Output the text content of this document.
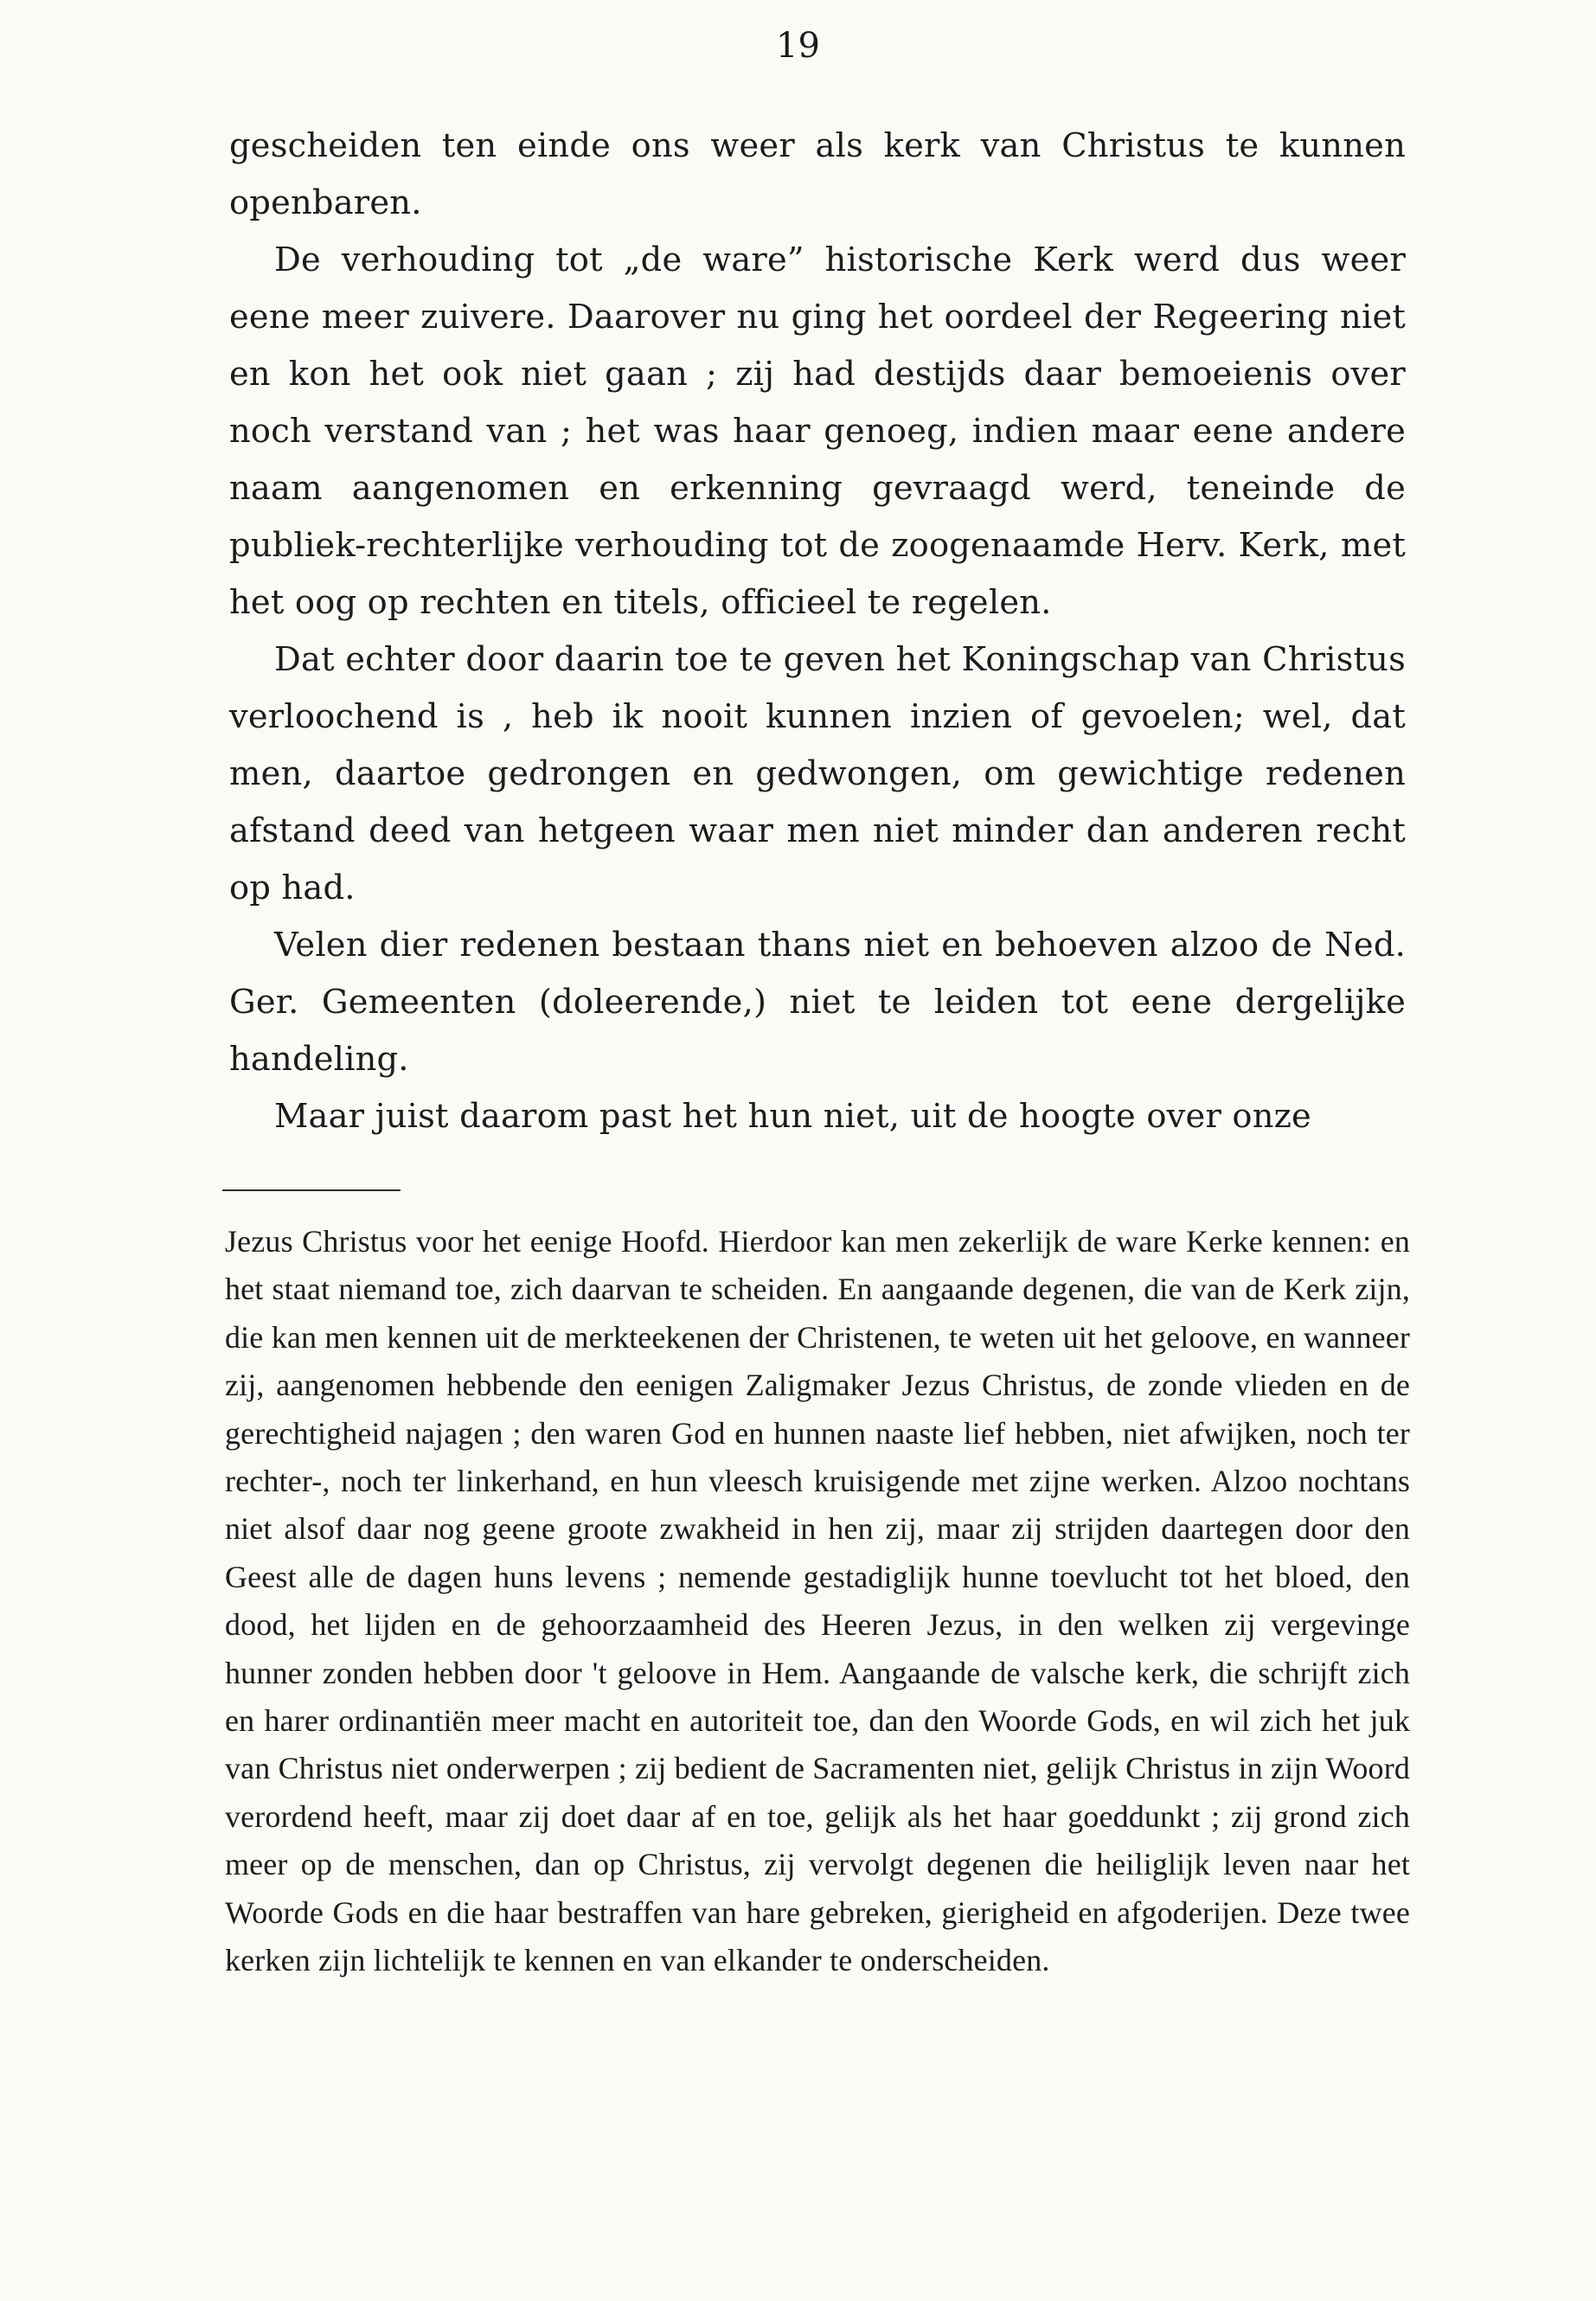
19

gescheiden ten einde ons weer als kerk van Christus te kunnen openbaren.

De verhouding tot „de ware” historische Kerk werd dus weer eene meer zuivere. Daarover nu ging het oordeel der Regeering niet en kon het ook niet gaan ; zij had destijds daar bemoeienis over noch verstand van ; het was haar genoeg, indien maar eene andere naam aangenomen en erkenning gevraagd werd, teneinde de publiek-rechterlijke verhouding tot de zoogenaamde Herv. Kerk, met het oog op rechten en titels, officieel te regelen.

Dat echter door daarin toe te geven het Koningschap van Christus verloochend is , heb ik nooit kunnen inzien of gevoelen; wel, dat men, daartoe gedrongen en gedwongen, om gewichtige redenen afstand deed van hetgeen waar men niet minder dan anderen recht op had.

Velen dier redenen bestaan thans niet en behoeven alzoo de Ned. Ger. Gemeenten (doleerende,) niet te leiden tot eene dergelijke handeling.

Maar juist daarom past het hun niet, uit de hoogte over onze

Jezus Christus voor het eenige Hoofd. Hierdoor kan men zekerlijk de ware Kerke kennen: en het staat niemand toe, zich daarvan te scheiden. En aangaande degenen, die van de Kerk zijn, die kan men kennen uit de merkteekenen der Christenen, te weten uit het geloove, en wanneer zij, aangenomen hebbende den eenigen Zaligmaker Jezus Christus, de zonde vlieden en de gerechtigheid najagen ; den waren God en hunnen naaste lief hebben, niet afwijken, noch ter rechter-, noch ter linkerhand, en hun vleesch kruisigende met zijne werken. Alzoo nochtans niet alsof daar nog geene groote zwakheid in hen zij, maar zij strijden daartegen door den Geest alle de dagen huns levens ; nemende gestadiglijk hunne toevlucht tot het bloed, den dood, het lijden en de gehoorzaamheid des Heeren Jezus, in den welken zij vergevinge hunner zonden hebben door 't geloove in Hem. Aangaande de valsche kerk, die schrijft zich en harer ordinantiën meer macht en autoriteit toe, dan den Woorde Gods, en wil zich het juk van Christus niet onderwerpen ; zij bedient de Sacramenten niet, gelijk Christus in zijn Woord verordend heeft, maar zij doet daar af en toe, gelijk als het haar goeddunkt ; zij grond zich meer op de menschen, dan op Christus, zij vervolgt degenen die heiliglijk leven naar het Woorde Gods en die haar bestraffen van hare gebreken, gierigheid en afgoderijen. Deze twee kerken zijn lichtelijk te kennen en van elkander te onderscheiden.
